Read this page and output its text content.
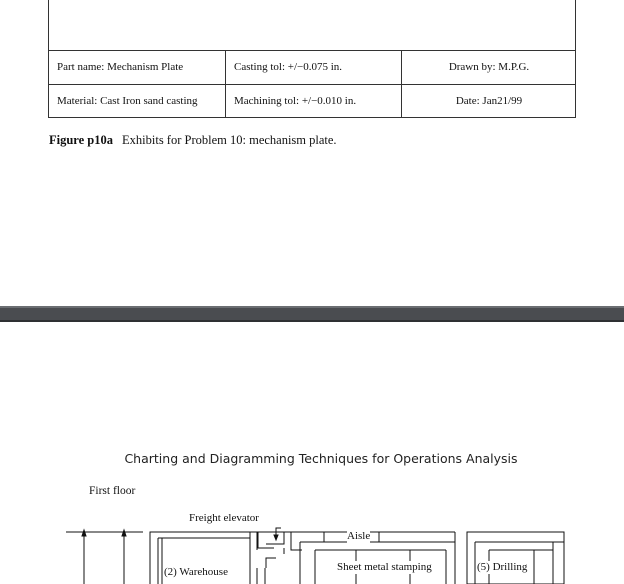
Part name: Mechanism Plate	Casting tol: +/−0.075 in.	Drawn by: M.P.G.
Material: Cast Iron sand casting	Machining tol: +/−0.010 in.	Date: Jan21/99
Figure p10a Exhibits for Problem 10: mechanism plate.
Charting and Diagramming Techniques for Operations Analysis
First floor
Freight elevator
Aisle
(2) Warehouse	Sheet metal stamping	(5) Drilling
